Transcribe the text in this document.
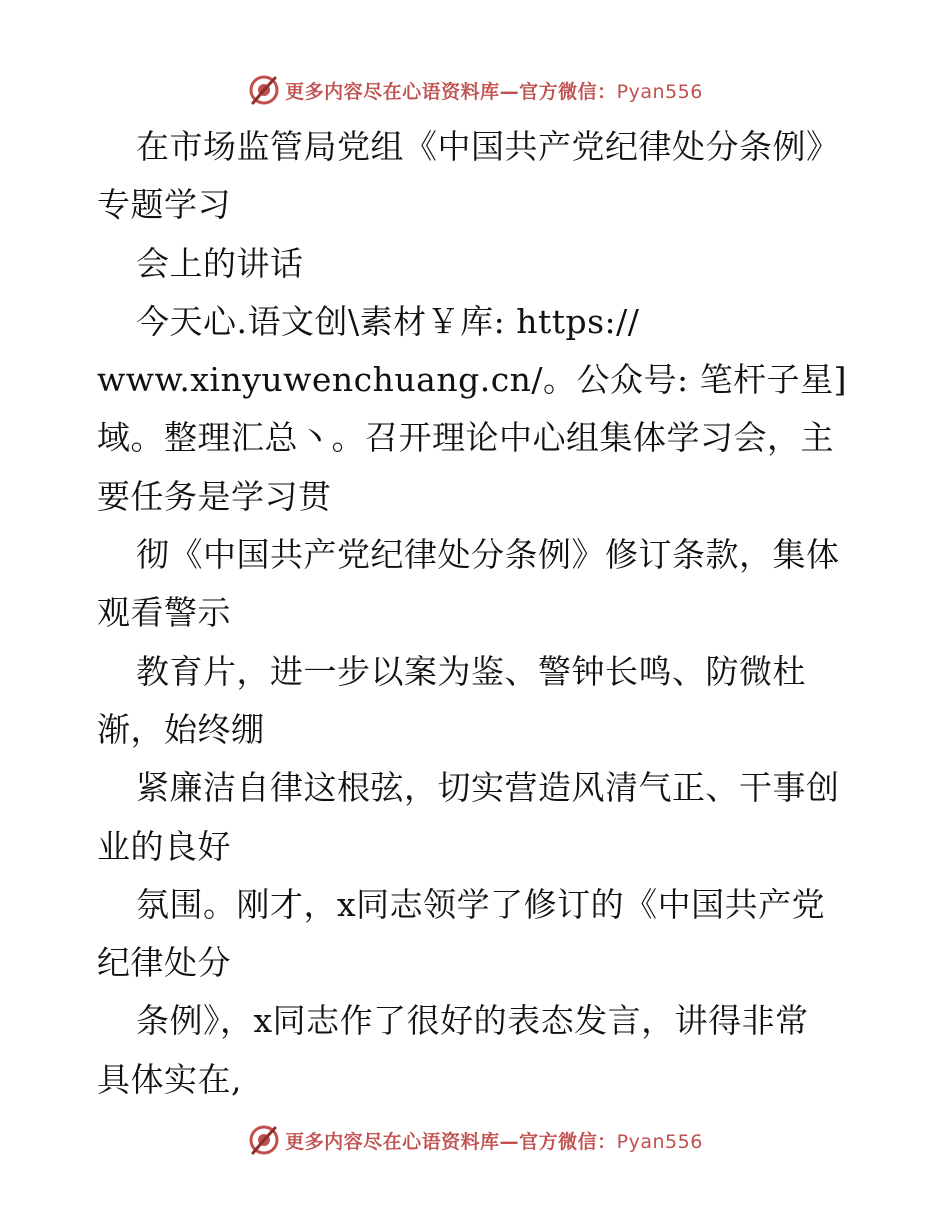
更多内容尽在心语资料库—官方微信：Pyan556
在市场监管局党组《中国共产党纪律处分条例》
专题学习
会上的讲话
今天心.语文创\素材￥库: https://
www.xinyuwenchuang.cn/。公众号: 笔杆子星]
域。整理汇总丶。召开理论中心组集体学习会，主
要任务是学习贯
彻《中国共产党纪律处分条例》修订条款，集体
观看警示
教育片，进一步以案为鉴、警钟长鸣、防微杜
渐，始终绷
紧廉洁自律这根弦，切实营造风清气正、干事创
业的良好
氛围。刚才，x同志领学了修订的《中国共产党
纪律处分
条例》，x同志作了很好的表态发言，讲得非常
具体实在,
更多内容尽在心语资料库—官方微信：Pyan556
